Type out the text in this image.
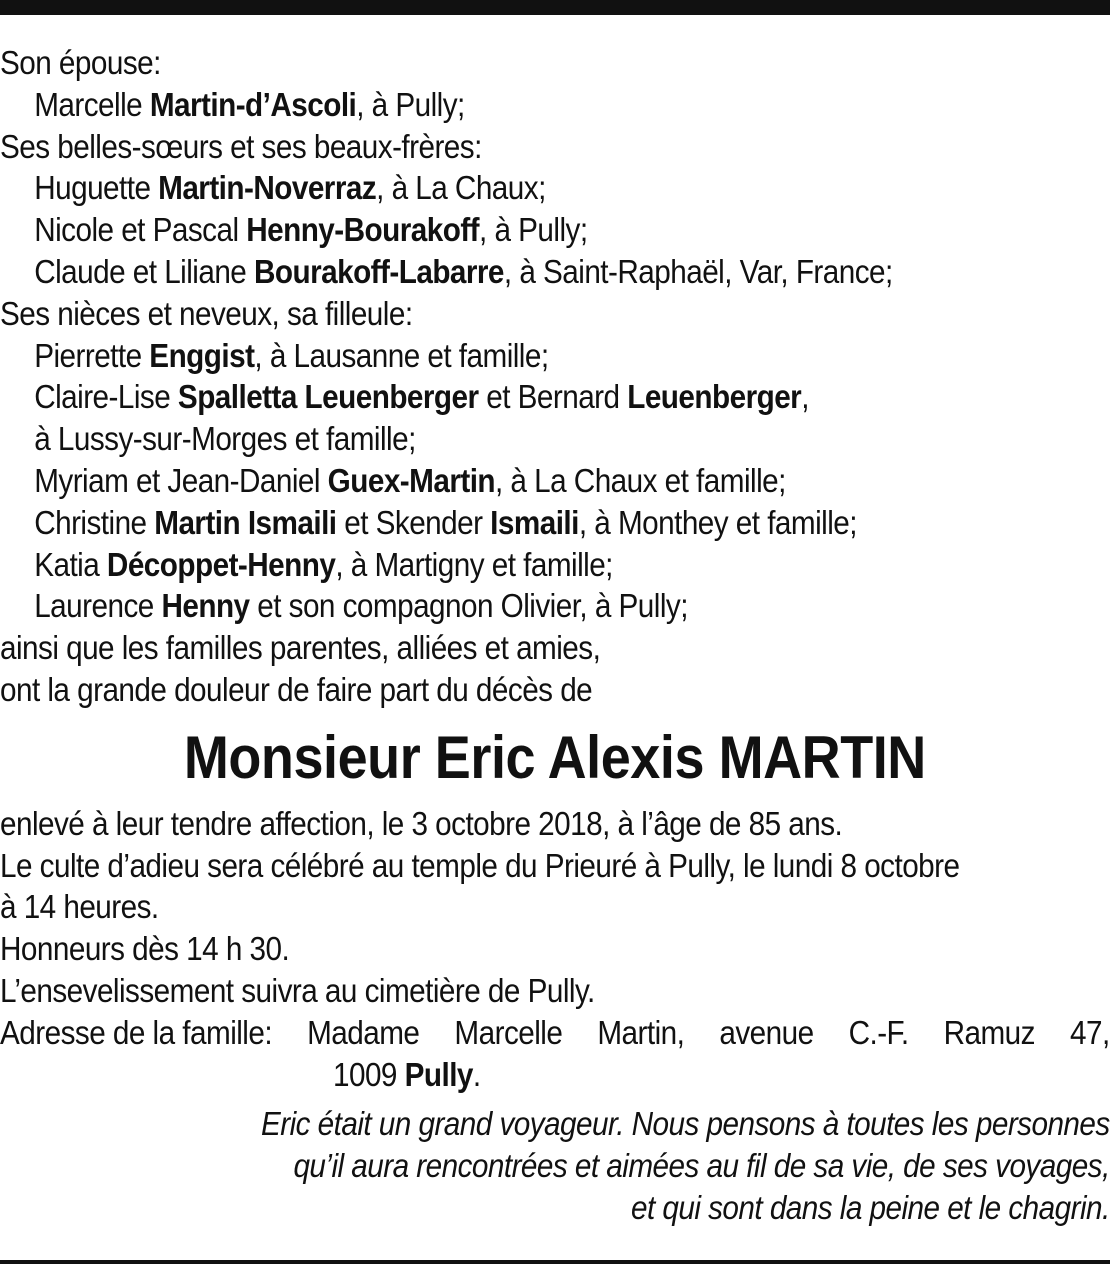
Son épouse:
Marcelle Martin-d’Ascoli, à Pully;
Ses belles-sœurs et ses beaux-frères:
Huguette Martin-Noverraz, à La Chaux;
Nicole et Pascal Henny-Bourakoff, à Pully;
Claude et Liliane Bourakoff-Labarre, à Saint-Raphaël, Var, France;
Ses nièces et neveux, sa filleule:
Pierrette Enggist, à Lausanne et famille;
Claire-Lise Spalletta Leuenberger et Bernard Leuenberger,
à Lussy-sur-Morges et famille;
Myriam et Jean-Daniel Guex-Martin, à La Chaux et famille;
Christine Martin Ismaili et Skender Ismaili, à Monthey et famille;
Katia Décoppet-Henny, à Martigny et famille;
Laurence Henny et son compagnon Olivier, à Pully;
ainsi que les familles parentes, alliées et amies,
ont la grande douleur de faire part du décès de
Monsieur Eric Alexis MARTIN
enlevé à leur tendre affection, le 3 octobre 2018, à l’âge de 85 ans.
Le culte d’adieu sera célébré au temple du Prieuré à Pully, le lundi 8 octobre
à 14 heures.
Honneurs dès 14 h 30.
L’ensevelissement suivra au cimetière de Pully.
Adresse de la famille: Madame Marcelle Martin, avenue C.-F. Ramuz 47,
1009 Pully.
Eric était un grand voyageur. Nous pensons à toutes les personnes
qu’il aura rencontrées et aimées au fil de sa vie, de ses voyages,
et qui sont dans la peine et le chagrin.
